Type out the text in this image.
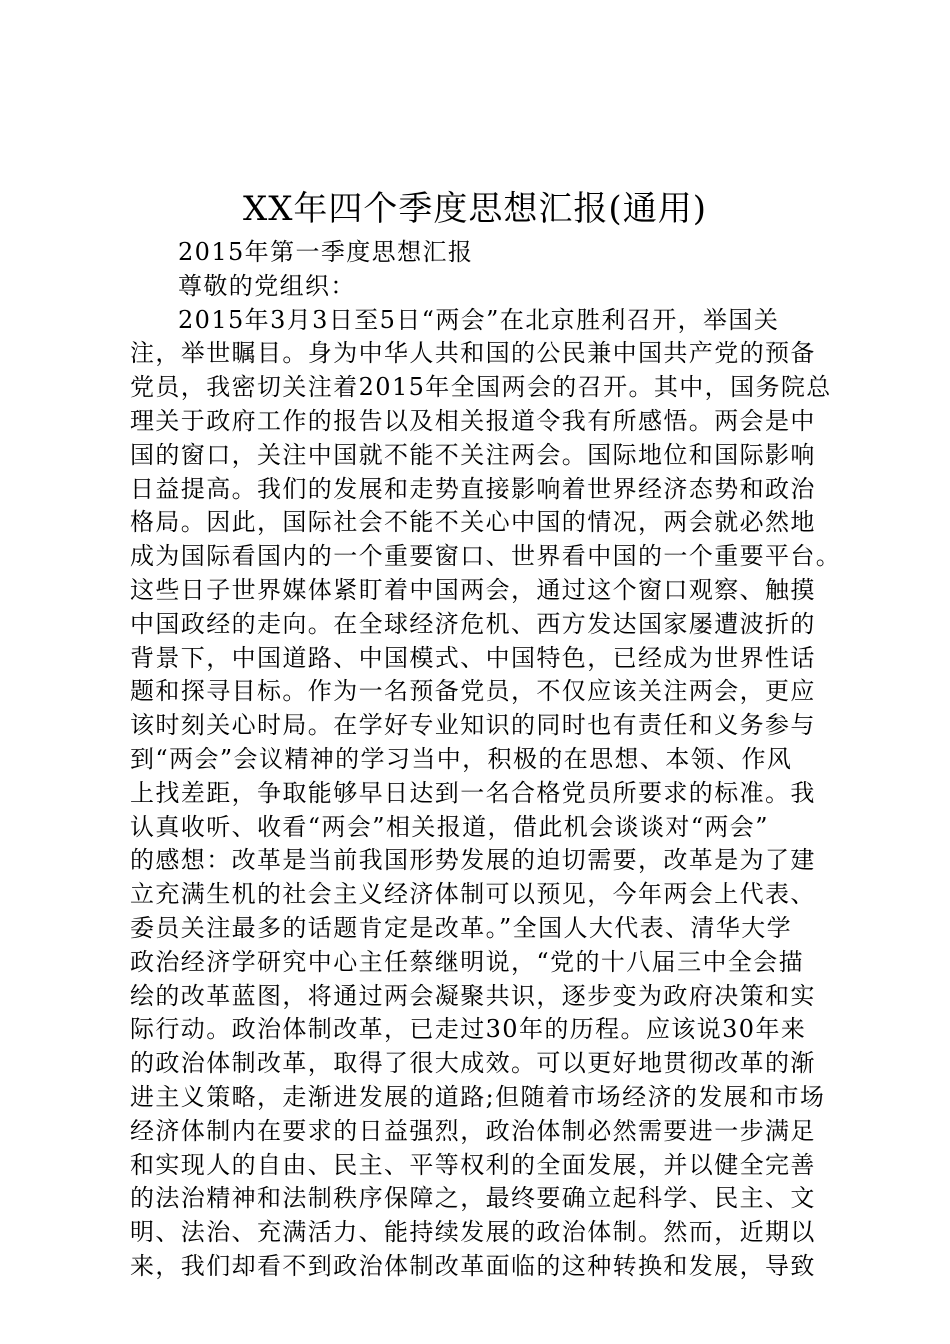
XX年四个季度思想汇报(通用)
2015年第一季度思想汇报
尊敬的党组织：
2015年3月3日至5日“两会”在北京胜利召开，举国关
注，举世瞩目。身为中华人共和国的公民兼中国共产党的预备
党员，我密切关注着2015年全国两会的召开。其中，国务院总
理关于政府工作的报告以及相关报道令我有所感悟。两会是中
国的窗口，关注中国就不能不关注两会。国际地位和国际影响
日益提高。我们的发展和走势直接影响着世界经济态势和政治
格局。因此，国际社会不能不关心中国的情况，两会就必然地
成为国际看国内的一个重要窗口、世界看中国的一个重要平台。
这些日子世界媒体紧盯着中国两会，通过这个窗口观察、触摸
中国政经的走向。在全球经济危机、西方发达国家屡遭波折的
背景下，中国道路、中国模式、中国特色，已经成为世界性话
题和探寻目标。作为一名预备党员，不仅应该关注两会，更应
该时刻关心时局。在学好专业知识的同时也有责任和义务参与
到“两会”会议精神的学习当中，积极的在思想、本领、作风
上找差距，争取能够早日达到一名合格党员所要求的标准。我
认真收听、收看“两会”相关报道，借此机会谈谈对“两会”
的感想：改革是当前我国形势发展的迫切需要，改革是为了建
立充满生机的社会主义经济体制可以预见，今年两会上代表、
委员关注最多的话题肯定是改革。”全国人大代表、清华大学
政治经济学研究中心主任蔡继明说，“党的十八届三中全会描
绘的改革蓝图，将通过两会凝聚共识，逐步变为政府决策和实
际行动。政治体制改革，已走过30年的历程。应该说30年来
的政治体制改革，取得了很大成效。可以更好地贯彻改革的渐
进主义策略，走渐进发展的道路;但随着市场经济的发展和市场
经济体制内在要求的日益强烈，政治体制必然需要进一步满足
和实现人的自由、民主、平等权利的全面发展，并以健全完善
的法治精神和法制秩序保障之，最终要确立起科学、民主、文
明、法治、充满活力、能持续发展的政治体制。然而，近期以
来，我们却看不到政治体制改革面临的这种转换和发展，导致
